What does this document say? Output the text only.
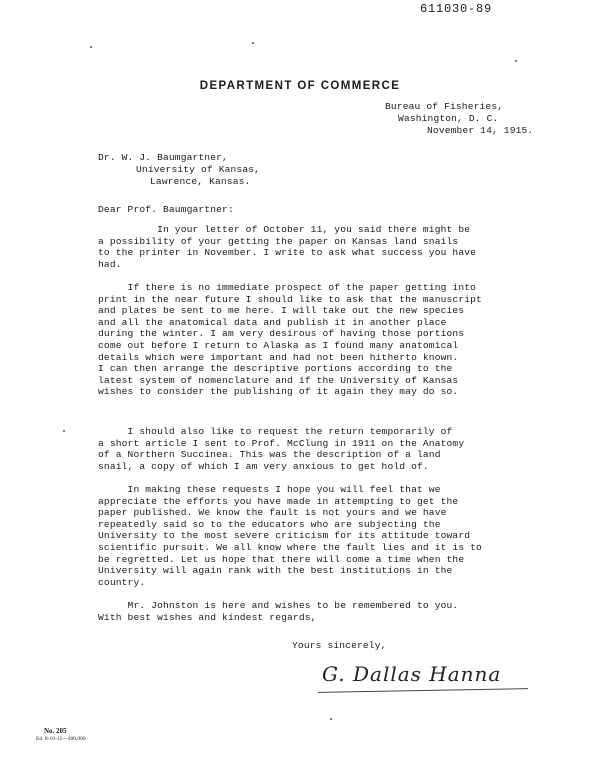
611030-89
DEPARTMENT OF COMMERCE
Bureau of Fisheries,
Washington, D. C.
November 14, 1915.
Dr. W. J. Baumgartner,
University of Kansas,
Lawrence, Kansas.
Dear Prof. Baumgartner:
In your letter of October 11, you said there might be
a possibility of your getting the paper on Kansas land snails
to the printer in November. I write to ask what success you have
had.
If there is no immediate prospect of the paper getting into
print in the near future I should like to ask that the manuscript
and plates be sent to me here. I will take out the new species
and all the anatomical data and publish it in another place
during the winter. I am very desirous of having those portions
come out before I return to Alaska as I found many anatomical
details which were important and had not been hitherto known.
I can then arrange the descriptive portions according to the
latest system of nomenclature and if the University of Kansas
wishes to consider the publishing of it again they may do so.
I should also like to request the return temporarily of
a short article I sent to Prof. McClung in 1911 on the Anatomy
of a Northern Succinea. This was the description of a land
snail, a copy of which I am very anxious to get hold of.
In making these requests I hope you will feel that we
appreciate the efforts you have made in attempting to get the
paper published. We know the fault is not yours and we have
repeatedly said so to the educators who are subjecting the
University to the most severe criticism for its attitude toward
scientific pursuit. We all know where the fault lies and it is to
be regretted. Let us hope that there will come a time when the
University will again rank with the best institutions in the
country.
Mr. Johnston is here and wishes to be remembered to you.
With best wishes and kindest regards,
Yours sincerely,
G. Dallas Hanna
No. 205
Ed. 8-10-15—300,000
